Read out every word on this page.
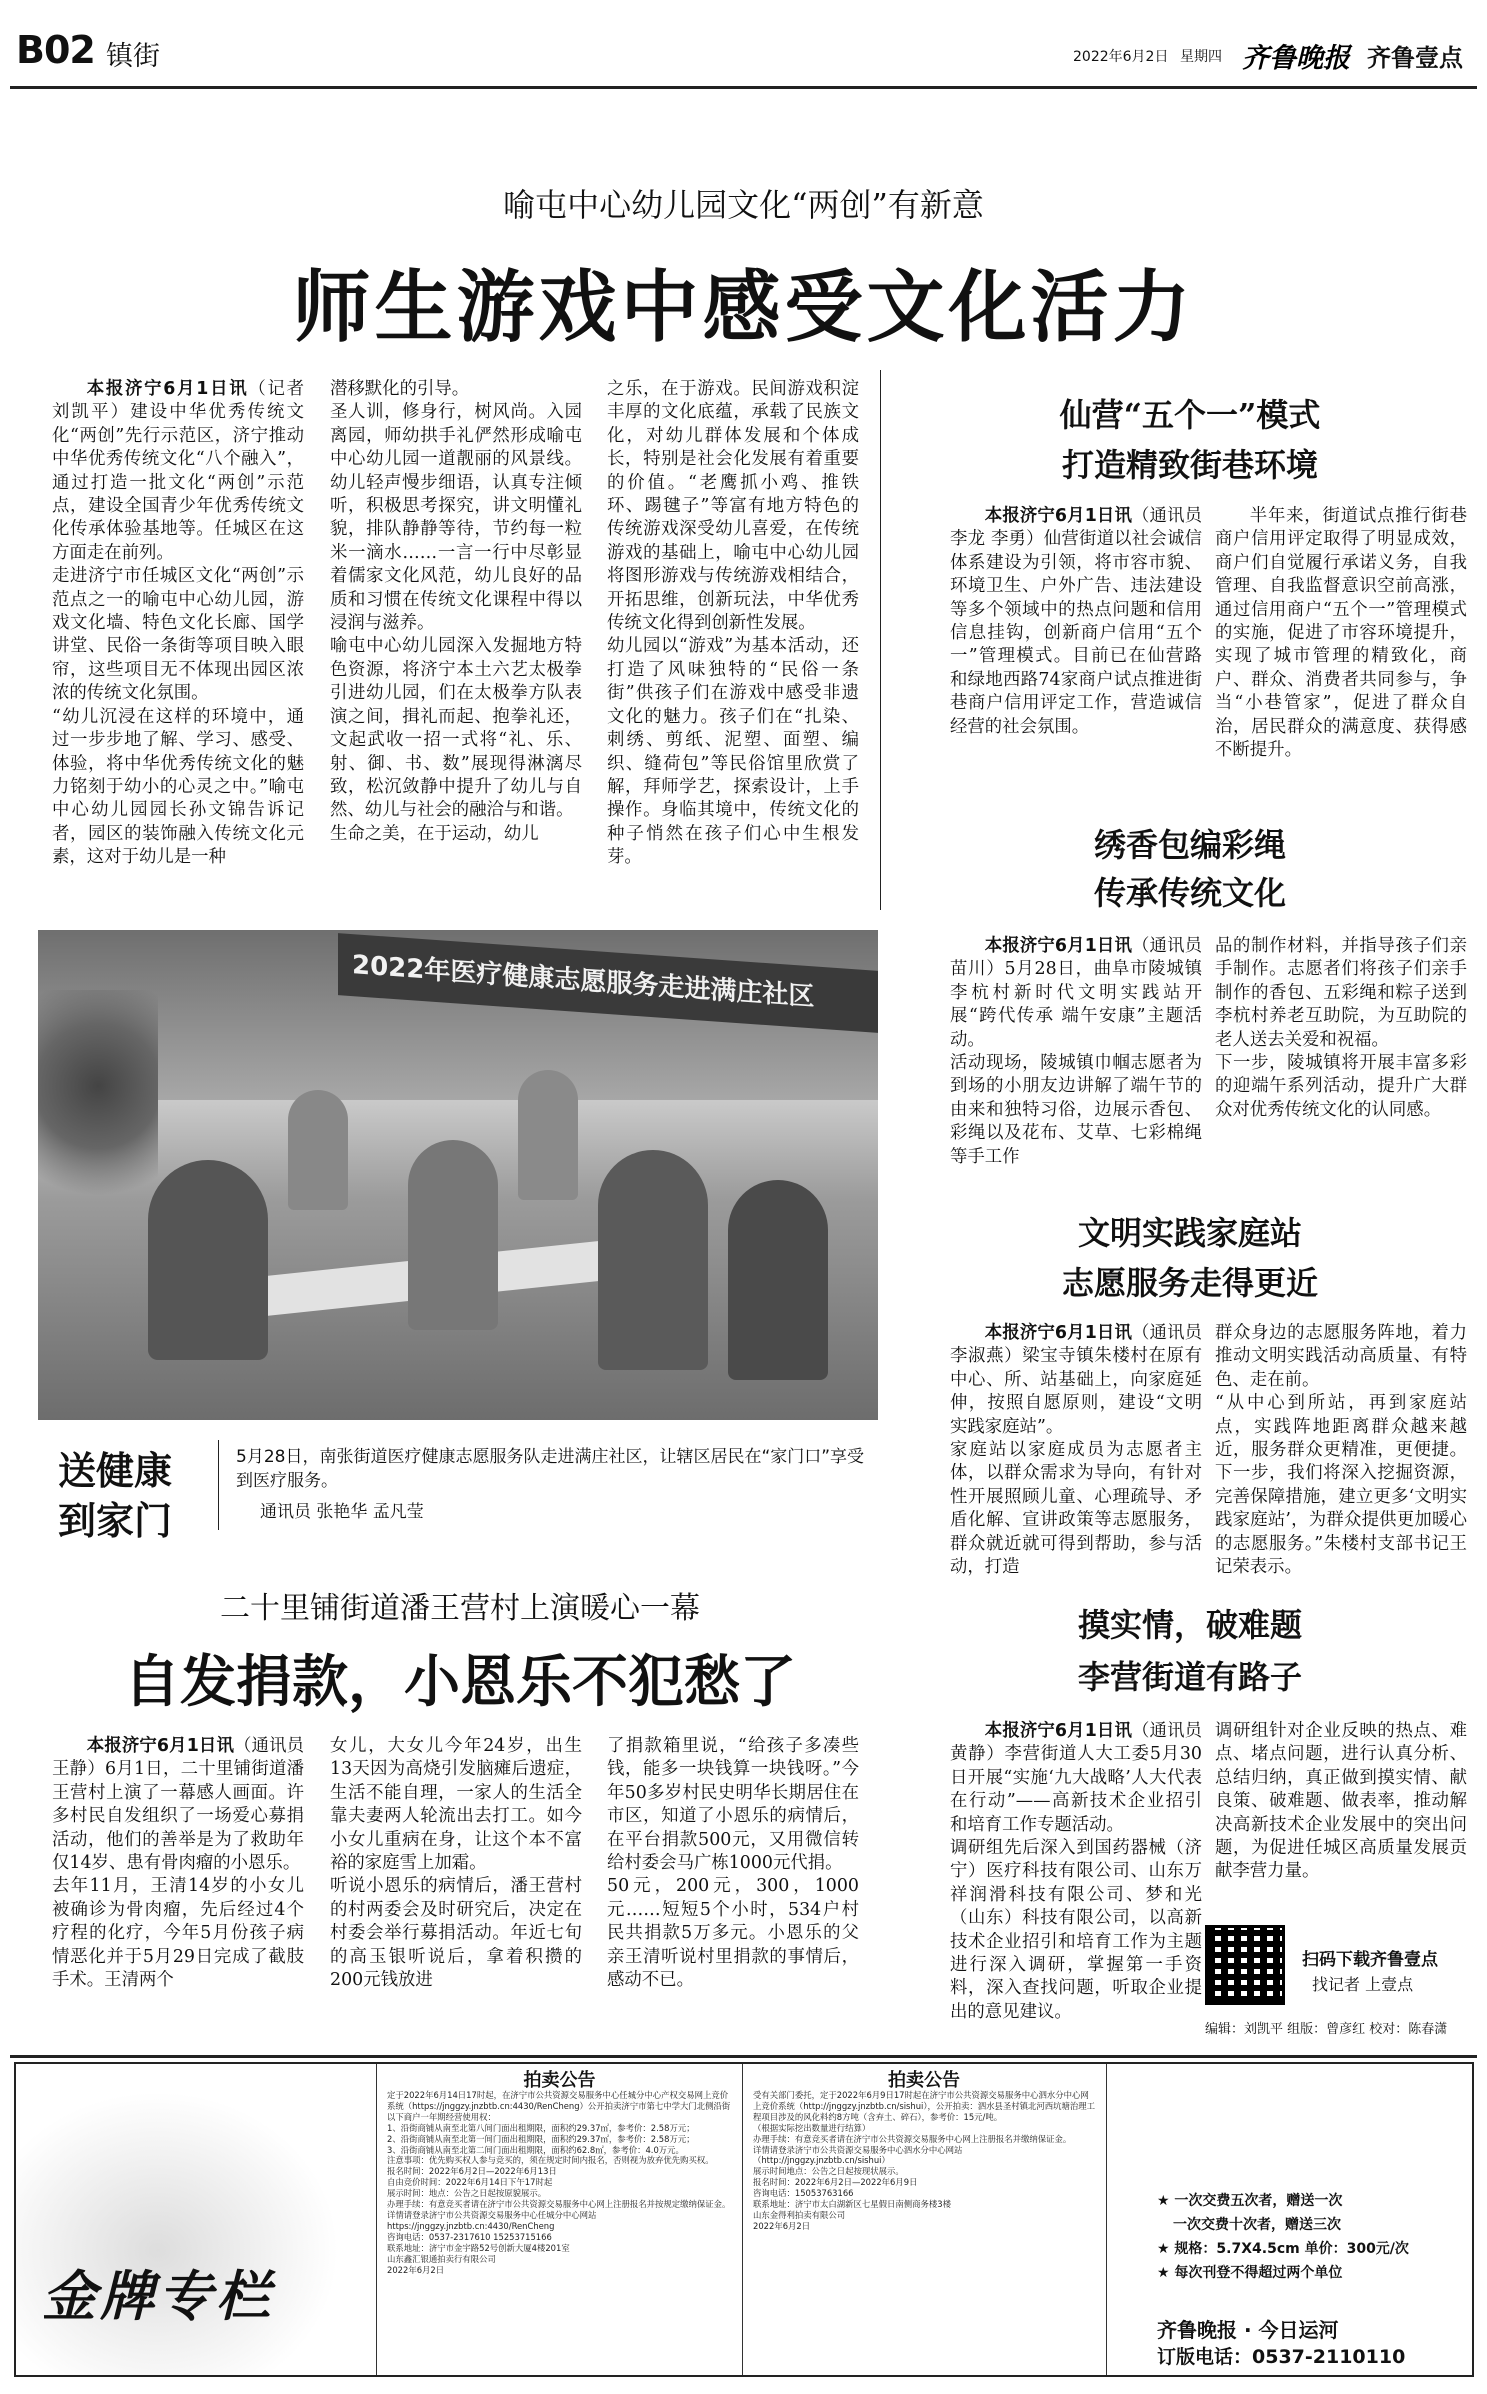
B02 镇街	2022年6月2日 星期四 齐鲁晚报 齐鲁壹点
喻屯中心幼儿园文化“两创”有新意
师生游戏中感受文化活力

本报济宁6月1日讯（记者 刘凯平）建设中华优秀传统文化“两创”先行示范区，济宁推动中华优秀传统文化“八个融入”，通过打造一批文化“两创”示范点，建设全国青少年优秀传统文化传承体验基地等。任城区在这方面走在前列。
走进济宁市任城区文化“两创”示范点之一的喻屯中心幼儿园，游戏文化墙、特色文化长廊、国学讲堂、民俗一条街等项目映入眼帘，这些项目无不体现出园区浓浓的传统文化氛围。
“幼儿沉浸在这样的环境中，通过一步步地了解、学习、感受、体验，将中华优秀传统文化的魅力铭刻于幼小的心灵之中。”喻屯中心幼儿园园长孙文锦告诉记者，园区的装饰融入传统文化元素，这对于幼儿是一种

潜移默化的引导。
圣人训，修身行，树风尚。入园离园，师幼拱手礼俨然形成喻屯中心幼儿园一道靓丽的风景线。幼儿轻声慢步细语，认真专注倾听，积极思考探究，讲文明懂礼貌，排队静静等待，节约每一粒米一滴水……一言一行中尽彰显着儒家文化风范，幼儿良好的品质和习惯在传统文化课程中得以浸润与滋养。
喻屯中心幼儿园深入发掘地方特色资源，将济宁本土六艺太极拳引进幼儿园，们在太极拳方队表演之间，揖礼而起、抱拳礼还，文起武收一招一式将“礼、乐、射、御、书、数”展现得淋漓尽致，松沉敛静中提升了幼儿与自然、幼儿与社会的融洽与和谐。
生命之美，在于运动，幼儿

之乐，在于游戏。民间游戏积淀丰厚的文化底蕴，承载了民族文化，对幼儿群体发展和个体成长，特别是社会化发展有着重要的价值。“老鹰抓小鸡、推铁环、踢毽子”等富有地方特色的传统游戏深受幼儿喜爱，在传统游戏的基础上，喻屯中心幼儿园将图形游戏与传统游戏相结合，开拓思维，创新玩法，中华优秀传统文化得到创新性发展。
幼儿园以“游戏”为基本活动，还打造了风味独特的“民俗一条街”供孩子们在游戏中感受非遗文化的魅力。孩子们在“扎染、刺绣、剪纸、泥塑、面塑、编织、缝荷包”等民俗馆里欣赏了解，拜师学艺，探索设计，上手操作。身临其境中，传统文化的种子悄然在孩子们心中生根发芽。

仙营“五个一”模式
打造精致街巷环境

本报济宁6月1日讯（通讯员 李龙 李勇）仙营街道以社会诚信体系建设为引领，将市容市貌、环境卫生、户外广告、违法建设等多个领域中的热点问题和信用信息挂钩，创新商户信用“五个一”管理模式。目前已在仙营路和绿地西路74家商户试点推进街巷商户信用评定工作，营造诚信经营的社会氛围。

半年来，街道试点推行街巷商户信用评定取得了明显成效，商户们自觉履行承诺义务，自我管理、自我监督意识空前高涨，通过信用商户“五个一”管理模式的实施，促进了市容环境提升，实现了城市管理的精致化，商户、群众、消费者共同参与，争当“小巷管家”，促进了群众自治，居民群众的满意度、获得感不断提升。

绣香包编彩绳
传承传统文化

本报济宁6月1日讯（通讯员 苗川）5月28日，曲阜市陵城镇李杭村新时代文明实践站开展“跨代传承 端午安康”主题活动。
活动现场，陵城镇巾帼志愿者为到场的小朋友边讲解了端午节的由来和独特习俗，边展示香包、彩绳以及花布、艾草、七彩棉绳等手工作

品的制作材料，并指导孩子们亲手制作。志愿者们将孩子们亲手制作的香包、五彩绳和粽子送到李杭村养老互助院，为互助院的老人送去关爱和祝福。
下一步，陵城镇将开展丰富多彩的迎端午系列活动，提升广大群众对优秀传统文化的认同感。

2022年医疗健康志愿服务走进满庄社区
送健康
到家门
5月28日，南张街道医疗健康志愿服务队走进满庄社区，让辖区居民在“家门口”享受到医疗服务。
通讯员 张艳华 孟凡莹
文明实践家庭站
志愿服务走得更近

本报济宁6月1日讯（通讯员 李淑燕）梁宝寺镇朱楼村在原有中心、所、站基础上，向家庭延伸，按照自愿原则，建设“文明实践家庭站”。
家庭站以家庭成员为志愿者主体，以群众需求为导向，有针对性开展照顾儿童、心理疏导、矛盾化解、宣讲政策等志愿服务，群众就近就可得到帮助，参与活动，打造

群众身边的志愿服务阵地，着力推动文明实践活动高质量、有特色、走在前。
“从中心到所站，再到家庭站点，实践阵地距离群众越来越近，服务群众更精准，更便捷。下一步，我们将深入挖掘资源，完善保障措施，建立更多‘文明实践家庭站’，为群众提供更加暖心的志愿服务。”朱楼村支部书记王记荣表示。

二十里铺街道潘王营村上演暖心一幕
自发捐款，小恩乐不犯愁了

本报济宁6月1日讯（通讯员 王静）6月1日，二十里铺街道潘王营村上演了一幕感人画面。许多村民自发组织了一场爱心募捐活动，他们的善举是为了救助年仅14岁、患有骨肉瘤的小恩乐。
去年11月，王清14岁的小女儿被确诊为骨肉瘤，先后经过4个疗程的化疗，今年5月份孩子病情恶化并于5月29日完成了截肢手术。王清两个

女儿，大女儿今年24岁，出生13天因为高烧引发脑瘫后遗症，生活不能自理，一家人的生活全靠夫妻两人轮流出去打工。如今小女儿重病在身，让这个本不富裕的家庭雪上加霜。
听说小恩乐的病情后，潘王营村的村两委会及时研究后，决定在村委会举行募捐活动。年近七旬的高玉银听说后，拿着积攒的200元钱放进

了捐款箱里说，“给孩子多凑些钱，能多一块钱算一块钱呀。”今年50多岁村民史明华长期居住在市区，知道了小恩乐的病情后，在平台捐款500元，又用微信转给村委会马广栋1000元代捐。
50元，200元，300，1000元……短短5个小时，534户村民共捐款5万多元。小恩乐的父亲王清听说村里捐款的事情后，感动不已。

摸实情，破难题
李营街道有路子

本报济宁6月1日讯（通讯员 黄静）李营街道人大工委5月30日开展“实施‘九大战略’人大代表在行动”——高新技术企业招引和培育工作专题活动。
调研组先后深入到国药器械（济宁）医疗科技有限公司、山东万祥润滑科技有限公司、梦和光（山东）科技有限公司，以高新技术企业招引和培育工作为主题进行深入调研，掌握第一手资料，深入查找问题，听取企业提出的意见建议。

调研组针对企业反映的热点、难点、堵点问题，进行认真分析、总结归纳，真正做到摸实情、献良策、破难题、做表率，推动解决高新技术企业发展中的突出问题，为促进任城区高质量发展贡献李营力量。

扫码下载齐鲁壹点
找记者 上壹点
编辑：刘凯平 组版：曾彦红 校对：陈春潇
金牌专栏
拍卖公告
定于2022年6月14日17时起，在济宁市公共资源交易服务中心任城分中心产权交易网上竞价系统（https://jnggzy.jnzbtb.cn:4430/RenCheng）公开拍卖济宁市第七中学大门北侧沿街以下商户一年期经营使用权：
1、沿街商铺从南至北第八间门面出租期限，面积约29.37㎡，参考价：2.58万元；
2、沿街商铺从南至北第一间门面出租期限，面积约29.37㎡，参考价：2.58万元；
3、沿街商铺从南至北第二间门面出租期限，面积约62.8㎡，参考价：4.0万元。
注意事项：优先购买权人参与竞买的，须在规定时间内报名，否则视为放弃优先购买权。
报名时间：2022年6月2日—2022年6月13日
自由竞价时间：2022年6月14日下午17时起
展示时间：地点：公告之日起按原貌展示。
办理手续：有意竞买者请在济宁市公共资源交易服务中心网上注册报名并按规定缴纳保证金。
详情请登录济宁市公共资源交易服务中心任城分中心网站 https://jnggzy.jnzbtb.cn:4430/RenCheng
咨询电话：0537-2317610 15253715166
联系地址：济宁市金宇路52号创新大厦4楼201室
山东鑫汇银通拍卖行有限公司
2022年6月2日
拍卖公告
受有关部门委托，定于2022年6月9日17时起在济宁市公共资源交易服务中心泗水分中心网上竞价系统（http://jnggzy.jnzbtb.cn/sishui），公开拍卖：泗水县圣村镇北河西坑塘治理工程项目涉及的风化料约8方吨（含弃土、碎石），参考价：15元/吨。
（根据实际挖出数量进行结算）
办理手续：有意竞买者请在济宁市公共资源交易服务中心网上注册报名并缴纳保证金。
详情请登录济宁市公共资源交易服务中心泗水分中心网站（http://jnggzy.jnzbtb.cn/sishui）
展示时间地点：公告之日起按现状展示。
报名时间：2022年6月2日—2022年6月9日
咨询电话：15053763166
联系地址：济宁市太白湖新区七星假日南侧商务楼3楼
山东金得利拍卖有限公司
2022年6月2日
★ 一次交费五次者，赠送一次
一次交费十次者，赠送三次
★ 规格：5.7X4.5cm 单价：300元/次
★ 每次刊登不得超过两个单位
齐鲁晚报 · 今日运河
订版电话：0537-2110110
